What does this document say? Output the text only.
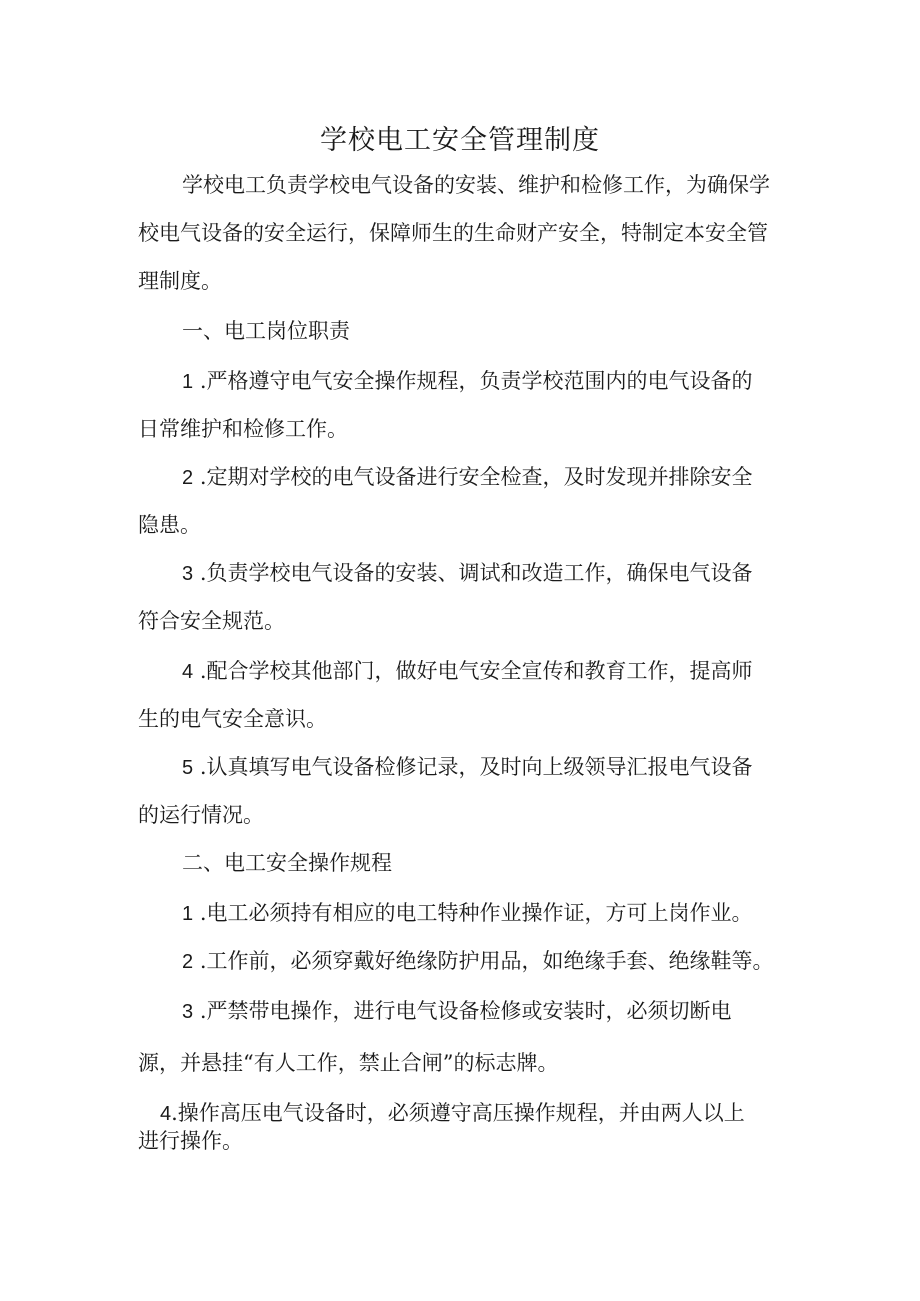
学校电工安全管理制度
学校电工负责学校电气设备的安装、维护和检修工作，为确保学
校电气设备的安全运行，保障师生的生命财产安全，特制定本安全管
理制度。
一、电工岗位职责
1 .严格遵守电气安全操作规程，负责学校范围内的电气设备的
日常维护和检修工作。
2 .定期对学校的电气设备进行安全检查，及时发现并排除安全
隐患。
3 .负责学校电气设备的安装、调试和改造工作，确保电气设备
符合安全规范。
4 .配合学校其他部门，做好电气安全宣传和教育工作，提高师
生的电气安全意识。
5 .认真填写电气设备检修记录，及时向上级领导汇报电气设备
的运行情况。
二、电工安全操作规程
1 .电工必须持有相应的电工特种作业操作证，方可上岗作业。
2 .工作前，必须穿戴好绝缘防护用品，如绝缘手套、绝缘鞋等。
3 .严禁带电操作，进行电气设备检修或安装时，必须切断电
源，并悬挂“有人工作，禁止合闸”的标志牌。
4.操作高压电气设备时，必须遵守高压操作规程，并由两人以上
进行操作。
